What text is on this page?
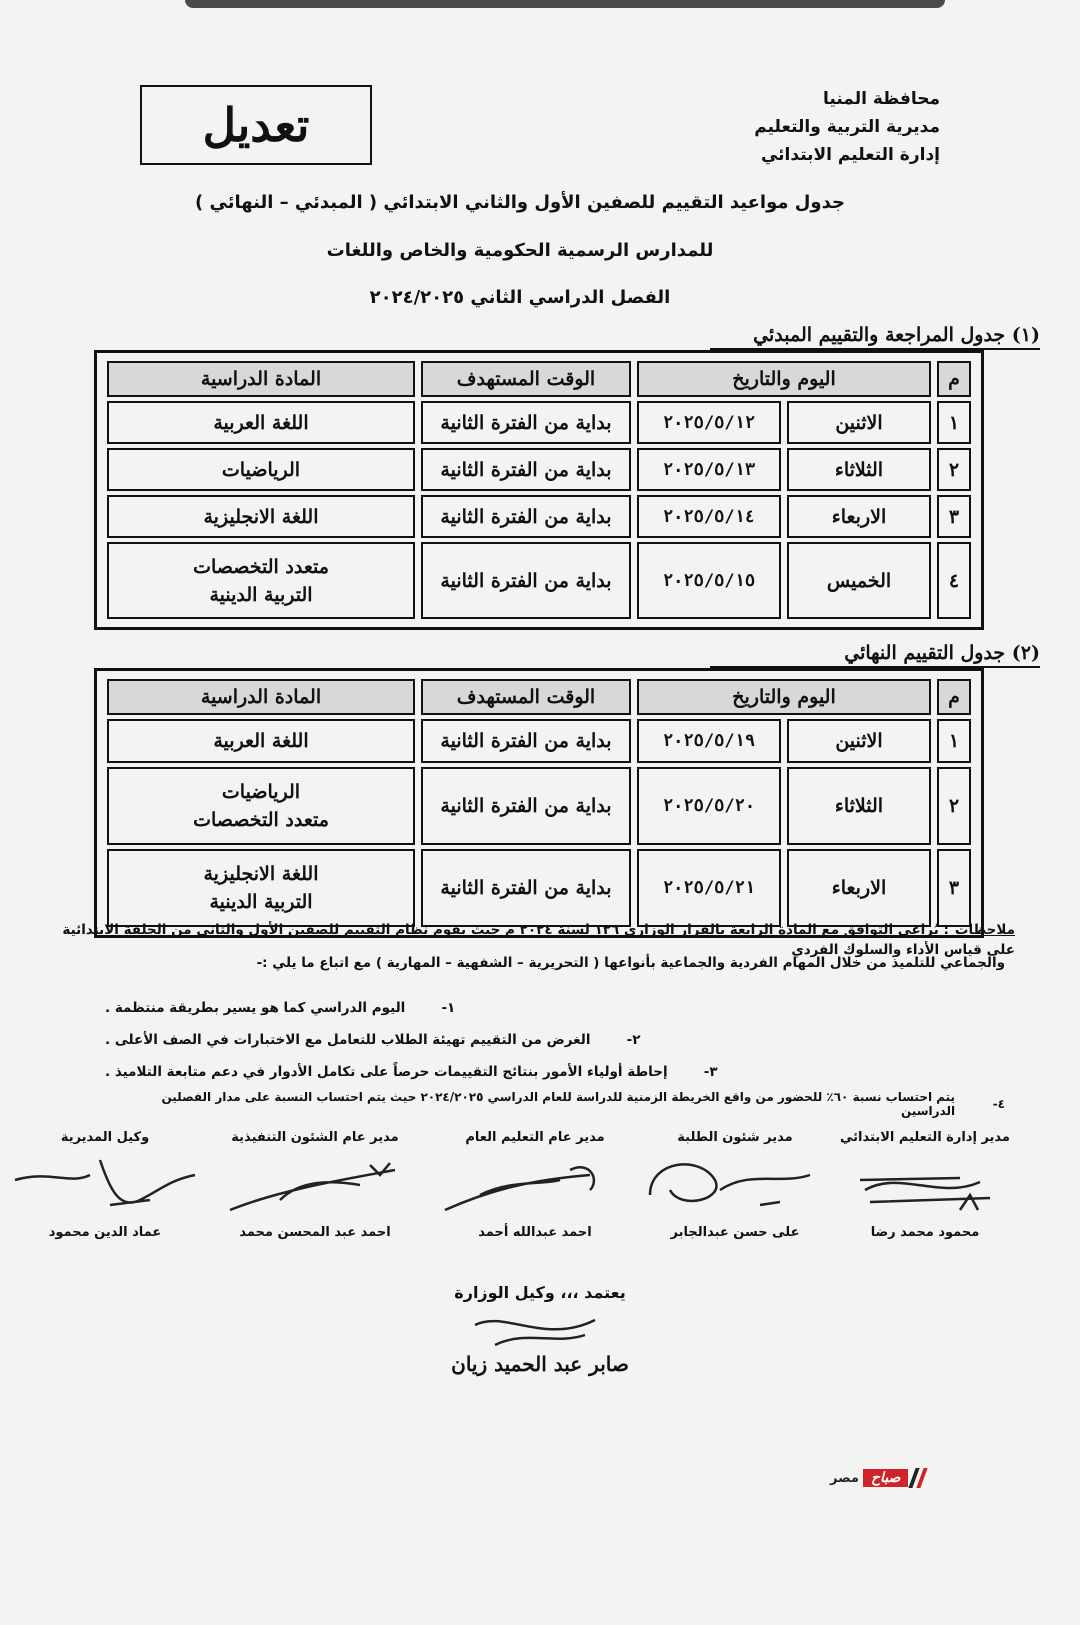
محافظة المنيا
مديرية التربية والتعليم
إدارة التعليم الابتدائي
تعديل
جدول مواعيد التقييم للصفين الأول والثاني الابتدائي ( المبدئي – النهائي )
للمدارس الرسمية الحكومية والخاص واللغات
الفصل الدراسي الثاني ٢٠٢٤/٢٠٢٥
(١) جدول المراجعة والتقييم المبدئي
م	اليوم والتاريخ		الوقت المستهدف	المادة الدراسية
١	الاثنين	٢٠٢٥/٥/١٢	بداية من الفترة الثانية	اللغة العربية
٢	الثلاثاء	٢٠٢٥/٥/١٣	بداية من الفترة الثانية	الرياضيات
٣	الاربعاء	٢٠٢٥/٥/١٤	بداية من الفترة الثانية	اللغة الانجليزية
٤	الخميس	٢٠٢٥/٥/١٥	بداية من الفترة الثانية	متعدد التخصصات
التربية الدينية
(٢) جدول التقييم النهائي
م	اليوم والتاريخ		الوقت المستهدف	المادة الدراسية
١	الاثنين	٢٠٢٥/٥/١٩	بداية من الفترة الثانية	اللغة العربية
٢	الثلاثاء	٢٠٢٥/٥/٢٠	بداية من الفترة الثانية	الرياضيات
متعدد التخصصات

٣	الاربعاء	٢٠٢٥/٥/٢١	بداية من الفترة الثانية	اللغة الانجليزية
التربية الدينية
ملاحظات: يُراعى التوافق مع المادة الرابعة بالقرار الوزاري ١٢٦ لسنة ٢٠٢٤ م حيث يقوم نظام التقييم للصفين الأول والثاني من الحلقة الابتدائية على قياس الأداء والسلوك الفردي
والجماعي للتلميذ من خلال المهام الفردية والجماعية بأنواعها ( التحريرية – الشفهية – المهارية ) مع اتباع ما يلي :-
اليوم الدراسي كما هو يسير بطريقة منتظمة .	١-
الغرض من التقييم تهيئة الطلاب للتعامل مع الاختبارات في الصف الأعلى .	٢-
إحاطة أولياء الأمور بنتائج التقييمات حرصاً على تكامل الأدوار في دعم متابعة التلاميذ .	٣-
يتم احتساب نسبة ٦٠٪ للحضور من واقع الخريطة الزمنية للدراسة للعام الدراسي ٢٠٢٤/٢٠٢٥ حيث يتم احتساب النسبة على مدار الفصلين الدراسين	٤-
مدير إدارة التعليم الابتدائي
محمود محمد رضا
مدير شئون الطلبة
على حسن عبدالجابر
مدير عام التعليم العام
احمد عبدالله أحمد
مدير عام الشئون التنفيذية
احمد عبد المحسن محمد
وكيل المديرية
عماد الدين محمود
يعتمد ،،، وكيل الوزارة
صابر عبد الحميد زيان
صباح
مصر
